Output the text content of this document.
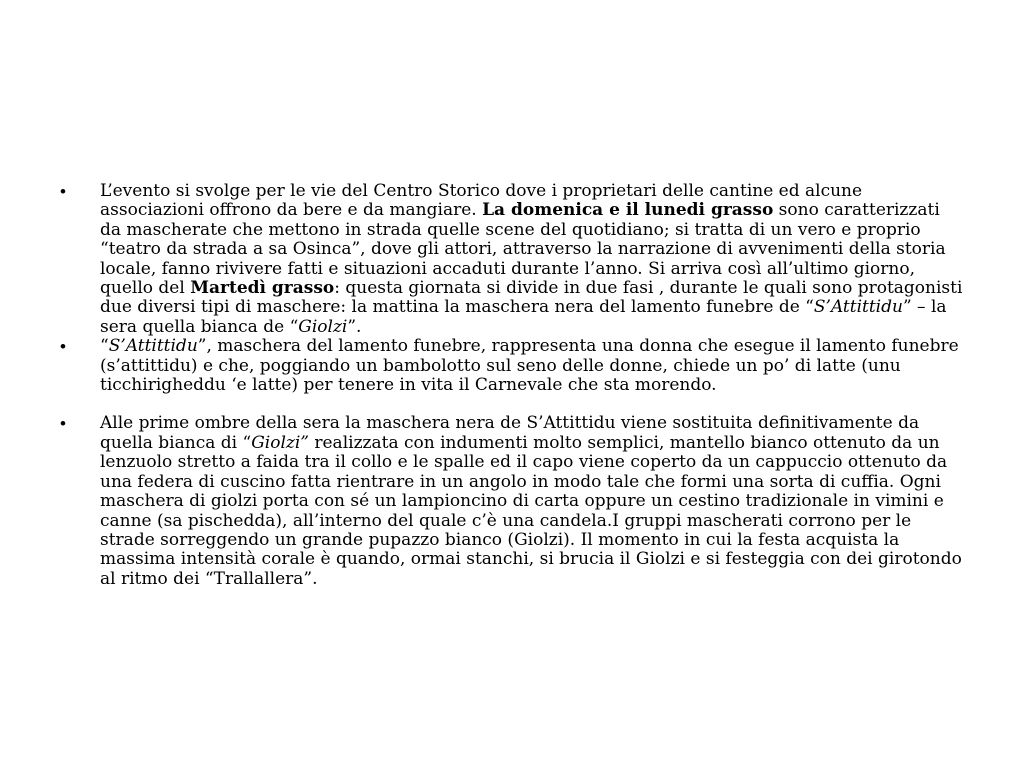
•	L’evento si svolge per le vie del Centro Storico dove i proprietari delle cantine ed alcune associazioni offrono da bere e da mangiare. La domenica e il lunedi grasso sono caratterizzati da mascherate che mettono in strada quelle scene del quotidiano; si tratta di un vero e proprio “teatro da strada a sa Osinca”, dove gli attori, attraverso la narrazione di avvenimenti della storia locale, fanno rivivere fatti e situazioni accaduti durante l’anno. Si arriva così all’ultimo giorno, quello del Martedì grasso: questa giornata si divide in due fasi , durante le quali sono protagonisti due diversi tipi di maschere: la mattina la maschera nera del lamento funebre de “S’Attittidu” – la sera quella bianca de “Giolzi”.
•	“S’Attittidu”, maschera del lamento funebre, rappresenta una donna che esegue il lamento funebre (s’attittidu) e che, poggiando un bambolotto sul seno delle donne, chiede un po’ di latte (unu ticchirigheddu ‘e latte) per tenere in vita il Carnevale che sta morendo.
•	Alle prime ombre della sera la maschera nera de S’Attittidu viene sostituita definitivamente da quella bianca di “Giolzi” realizzata con indumenti molto semplici, mantello bianco ottenuto da un lenzuolo stretto a faida tra il collo e le spalle ed il capo viene coperto da un cappuccio ottenuto da una federa di cuscino fatta rientrare in un angolo in modo tale che formi una sorta di cuffia. Ogni maschera di giolzi porta con sé un lampioncino di carta oppure un cestino tradizionale in vimini e canne (sa pischedda), all’interno del quale c’è una candela.I gruppi mascherati corrono per le strade sorreggendo un grande pupazzo bianco (Giolzi). Il momento in cui la festa acquista la massima intensità corale è quando, ormai stanchi, si brucia il Giolzi e si festeggia con dei girotondo al ritmo dei “Trallallera”.
